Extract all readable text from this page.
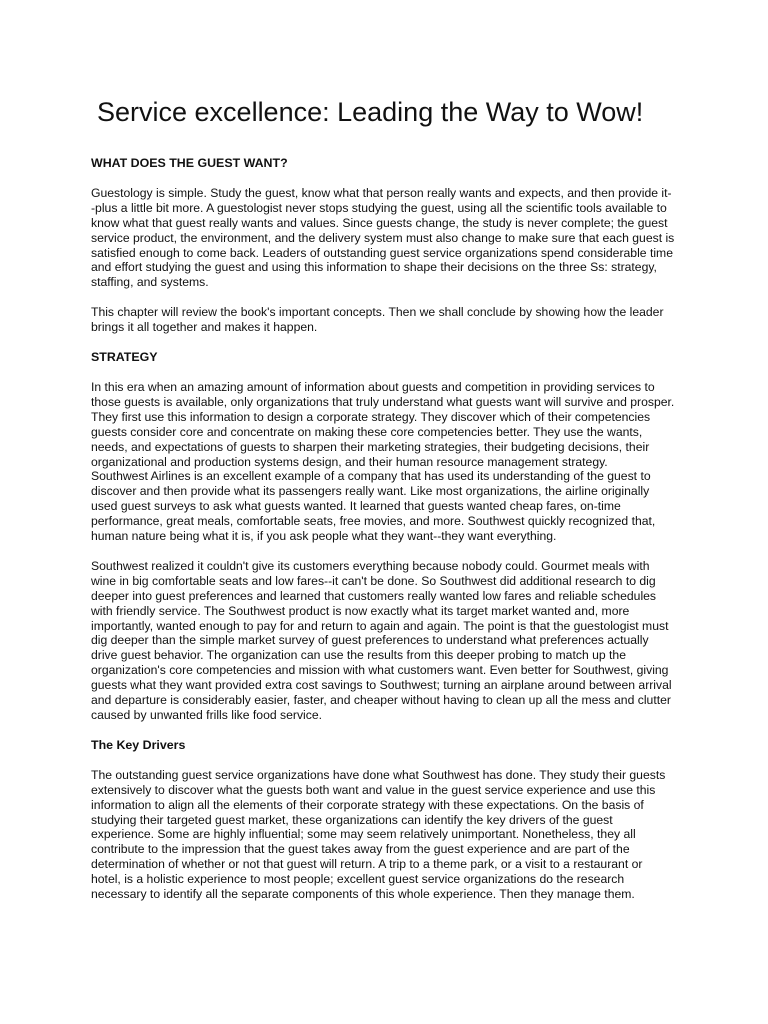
Service excellence: Leading the Way to Wow!
WHAT DOES THE GUEST WANT?

Guestology is simple. Study the guest, know what that person really wants and expects, and then provide it--plus a little bit more. A guestologist never stops studying the guest, using all the scientific tools available to know what that guest really wants and values. Since guests change, the study is never complete; the guest service product, the environment, and the delivery system must also change to make sure that each guest is satisfied enough to come back. Leaders of outstanding guest service organizations spend considerable time and effort studying the guest and using this information to shape their decisions on the three Ss: strategy, staffing, and systems.

This chapter will review the book's important concepts. Then we shall conclude by showing how the leader brings it all together and makes it happen.

STRATEGY

In this era when an amazing amount of information about guests and competition in providing services to those guests is available, only organizations that truly understand what guests want will survive and prosper. They first use this information to design a corporate strategy. They discover which of their competencies guests consider core and concentrate on making these core competencies better. They use the wants, needs, and expectations of guests to sharpen their marketing strategies, their budgeting decisions, their organizational and production systems design, and their human resource management strategy.

Southwest Airlines is an excellent example of a company that has used its understanding of the guest to discover and then provide what its passengers really want. Like most organizations, the airline originally used guest surveys to ask what guests wanted. It learned that guests wanted cheap fares, on-time performance, great meals, comfortable seats, free movies, and more. Southwest quickly recognized that, human nature being what it is, if you ask people what they want--they want everything.

Southwest realized it couldn't give its customers everything because nobody could. Gourmet meals with wine in big comfortable seats and low fares--it can't be done. So Southwest did additional research to dig deeper into guest preferences and learned that customers really wanted low fares and reliable schedules with friendly service. The Southwest product is now exactly what its target market wanted and, more importantly, wanted enough to pay for and return to again and again. The point is that the guestologist must dig deeper than the simple market survey of guest preferences to understand what preferences actually drive guest behavior. The organization can use the results from this deeper probing to match up the organization's core competencies and mission with what customers want. Even better for Southwest, giving guests what they want provided extra cost savings to Southwest; turning an airplane around between arrival and departure is considerably easier, faster, and cheaper without having to clean up all the mess and clutter caused by unwanted frills like food service.

The Key Drivers

The outstanding guest service organizations have done what Southwest has done. They study their guests extensively to discover what the guests both want and value in the guest service experience and use this information to align all the elements of their corporate strategy with these expectations. On the basis of studying their targeted guest market, these organizations can identify the key drivers of the guest experience. Some are highly influential; some may seem relatively unimportant. Nonetheless, they all contribute to the impression that the guest takes away from the guest experience and are part of the determination of whether or not that guest will return. A trip to a theme park, or a visit to a restaurant or hotel, is a holistic experience to most people; excellent guest service organizations do the research necessary to identify all the separate components of this whole experience. Then they manage them.
